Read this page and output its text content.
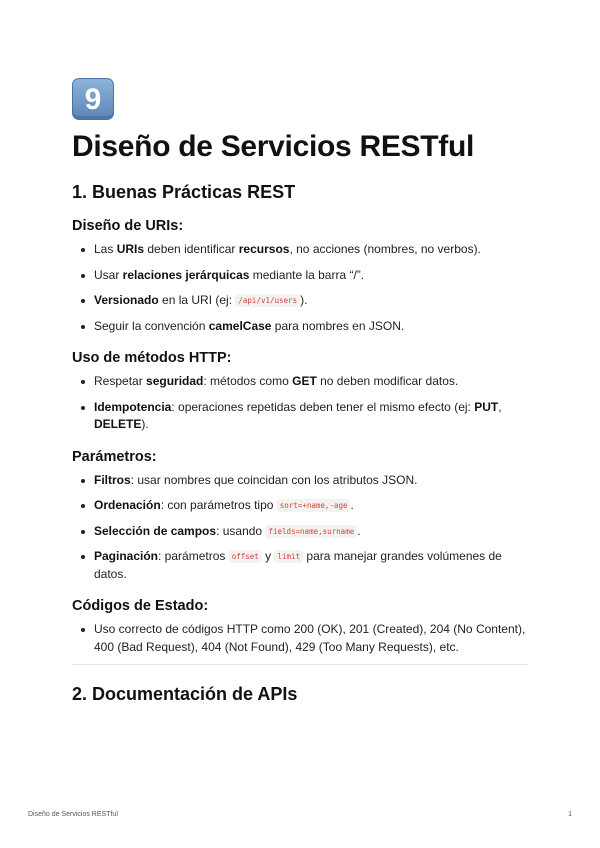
9
Diseño de Servicios RESTful
1. Buenas Prácticas REST
Diseño de URIs:
Las URIs deben identificar recursos, no acciones (nombres, no verbos).
Usar relaciones jerárquicas mediante la barra “/”.
Versionado en la URI (ej: /api/v1/users ).
Seguir la convención camelCase para nombres en JSON.
Uso de métodos HTTP:
Respetar seguridad: métodos como GET no deben modificar datos.
Idempotencia: operaciones repetidas deben tener el mismo efecto (ej: PUT, DELETE).
Parámetros:
Filtros: usar nombres que coincidan con los atributos JSON.
Ordenación: con parámetros tipo sort=+name,-age .
Selección de campos: usando fields=name,surname .
Paginación: parámetros offset y limit para manejar grandes volúmenes de datos.
Códigos de Estado:
Uso correcto de códigos HTTP como 200 (OK), 201 (Created), 204 (No Content), 400 (Bad Request), 404 (Not Found), 429 (Too Many Requests), etc.
2. Documentación de APIs
Diseño de Servicios RESTful	1
